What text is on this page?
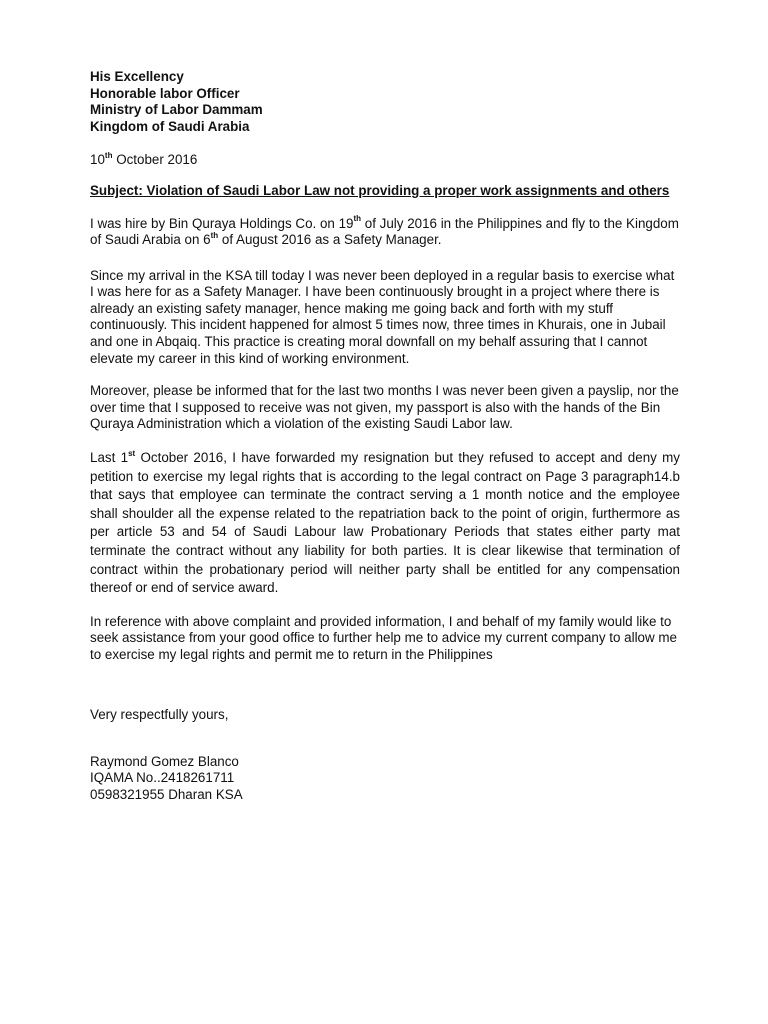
His Excellency
Honorable labor Officer
Ministry of Labor Dammam
Kingdom of Saudi Arabia
10th October 2016
Subject: Violation of Saudi Labor Law not providing a proper work assignments and others
I was hire by Bin Quraya Holdings Co. on 19th of July 2016 in the Philippines and fly to the Kingdom of Saudi Arabia on 6th of August 2016 as a Safety Manager.
Since my arrival in the KSA till today I was never been deployed in a regular basis to exercise what I was here for as a Safety Manager. I have been continuously brought in a project where there is already an existing safety manager, hence making me going back and forth with my stuff continuously. This incident happened for almost 5 times now, three times in Khurais, one in Jubail and one in Abqaiq. This practice is creating moral downfall on my behalf assuring that I cannot elevate my career in this kind of working environment.
Moreover, please be informed that for the last two months I was never been given a payslip, nor the over time that I supposed to receive was not given, my passport is also with the hands of the Bin Quraya Administration which a violation of the existing Saudi Labor law.
Last 1st October 2016, I have forwarded my resignation but they refused to accept and deny my petition to exercise my legal rights that is according to the legal contract on Page 3 paragraph14.b that says that employee can terminate the contract serving a 1 month notice and the employee shall shoulder all the expense related to the repatriation back to the point of origin, furthermore as per article 53 and 54 of Saudi Labour law Probationary Periods that states either party mat terminate the contract without any liability for both parties. It is clear likewise that termination of contract within the probationary period will neither party shall be entitled for any compensation thereof or end of service award.
In reference with above complaint and provided information, I and behalf of my family would like to seek assistance from your good office to further help me to advice my current company to allow me to exercise my legal rights and permit me to return in the Philippines
Very respectfully yours,
Raymond Gomez Blanco
IQAMA No..2418261711
0598321955 Dharan KSA
